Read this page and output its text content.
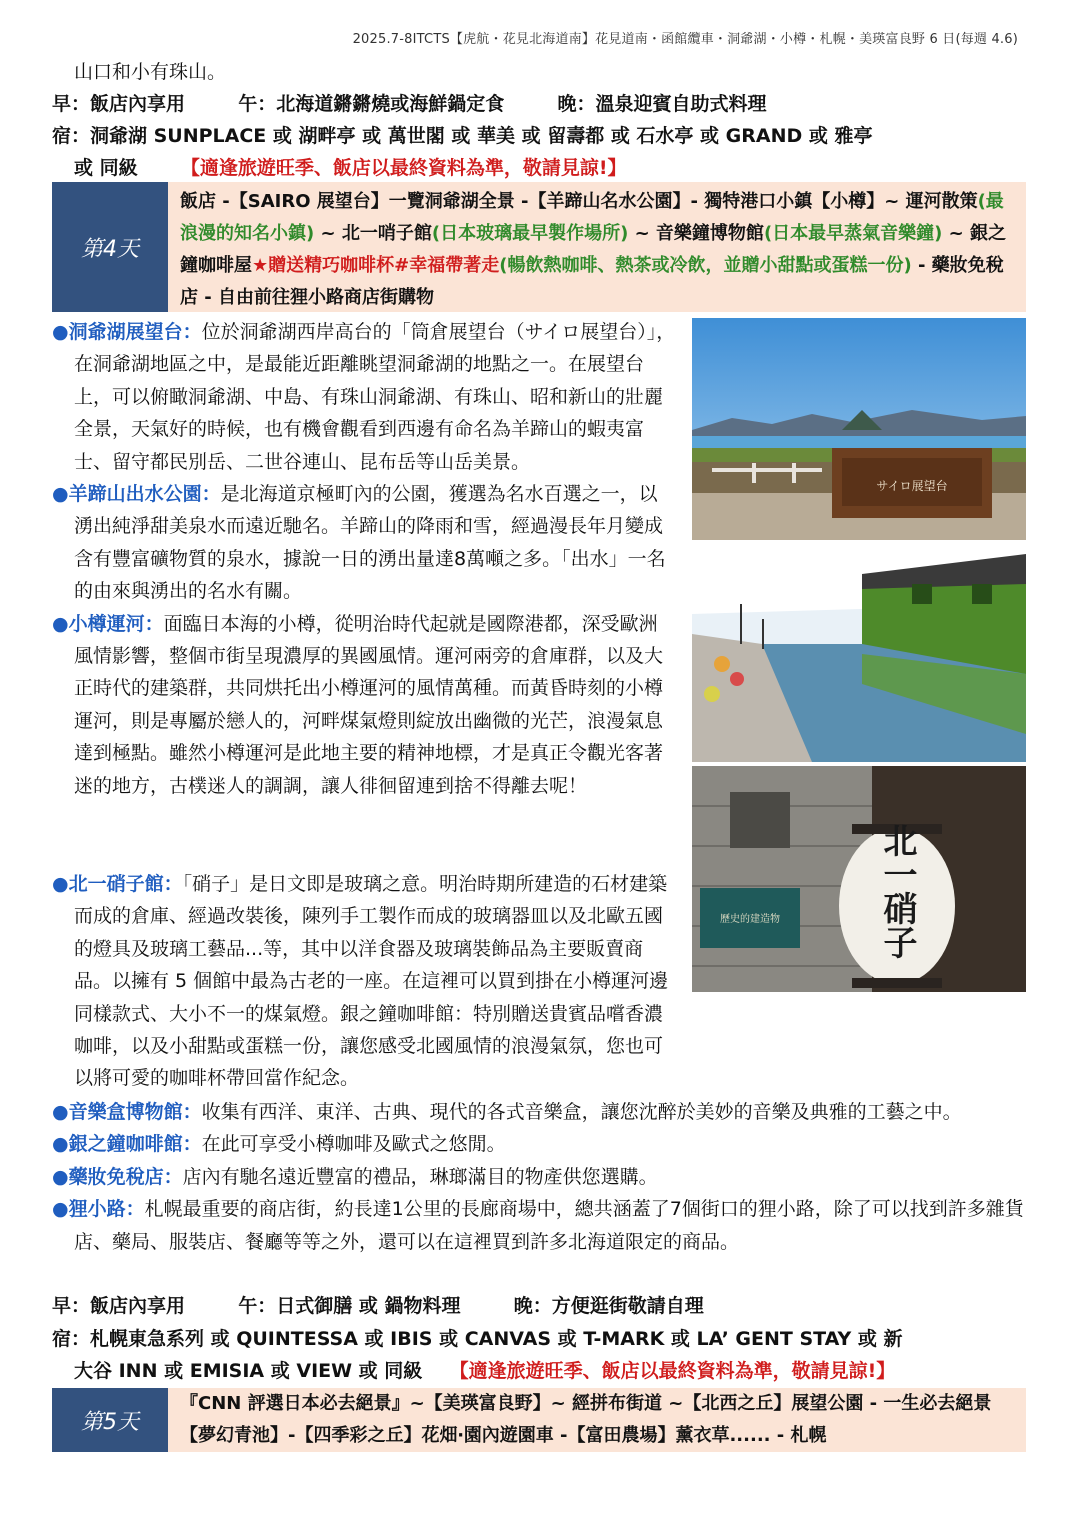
2025.7-8ITCTS【虎航・花見北海道南】花見道南・函館纜車・洞爺湖・小樽・札幌・美瑛富良野 6 日(每週 4.6)
山口和小有珠山。
早：飯店內享用	午：北海道鏘鏘燒或海鮮鍋定食	晚：溫泉迎賓自助式料理
宿：洞爺湖 SUNPLACE 或 湖畔亭 或 萬世閣 或 華美 或 留壽都 或 石水亭 或 GRAND 或 雅亭
或 同級 【適逢旅遊旺季、飯店以最終資料為準，敬請見諒!】
第4天
飯店 -【SAIRO 展望台】一覽洞爺湖全景 -【羊蹄山名水公園】- 獨特港口小鎮【小樽】~ 運河散策(最浪漫的知名小鎮) ~ 北一哨子館(日本玻璃最早製作場所) ~ 音樂鐘博物館(日本最早蒸氣音樂鐘) ~ 銀之鐘咖啡屋★贈送精巧咖啡杯#幸福帶著走(暢飲熱咖啡、熱茶或冷飲，並贈小甜點或蛋糕一份) - 藥妝免稅店 - 自由前往狸小路商店街購物

●洞爺湖展望台：位於洞爺湖西岸高台的「筒倉展望台（サイロ展望台）」，在洞爺湖地區之中，是最能近距離眺望洞爺湖的地點之一。在展望台上，可以俯瞰洞爺湖、中島、有珠山洞爺湖、有珠山、昭和新山的壯麗全景，天氣好的時候，也有機會觀看到西邊有命名為羊蹄山的蝦夷富士、留守都民別岳、二世谷連山、昆布岳等山岳美景。

●羊蹄山出水公園：是北海道京極町內的公園，獲選為名水百選之一，以湧出純淨甜美泉水而遠近馳名。羊蹄山的降雨和雪，經過漫長年月變成含有豐富礦物質的泉水，據說一日的湧出量達8萬噸之多。「出水」一名的由來與湧出的名水有關。

●小樽運河：面臨日本海的小樽，從明治時代起就是國際港都，深受歐洲風情影響，整個市街呈現濃厚的異國風情。運河兩旁的倉庫群，以及大正時代的建築群，共同烘托出小樽運河的風情萬種。而黃昏時刻的小樽運河，則是專屬於戀人的，河畔煤氣燈則綻放出幽微的光芒，浪漫氣息達到極點。雖然小樽運河是此地主要的精神地標，才是真正令觀光客著迷的地方，古樸迷人的調調，讓人徘徊留連到捨不得離去呢！

●北一硝子館：「硝子」是日文即是玻璃之意。明治時期所建造的石材建築而成的倉庫、經過改裝後，陳列手工製作而成的玻璃器皿以及北歐五國的燈具及玻璃工藝品...等，其中以洋食器及玻璃裝飾品為主要販賣商品。以擁有 5 個館中最為古老的一座。在這裡可以買到掛在小樽運河邊同樣款式、大小不一的煤氣燈。銀之鐘咖啡館：特別贈送貴賓品嚐香濃咖啡，以及小甜點或蛋糕一份，讓您感受北國風情的浪漫氣氛，您也可以將可愛的咖啡杯帶回當作紀念。

●音樂盒博物館：收集有西洋、東洋、古典、現代的各式音樂盒，讓您沈醉於美妙的音樂及典雅的工藝之中。

●銀之鐘咖啡館：在此可享受小樽咖啡及歐式之悠閒。

●藥妝免稅店：店內有馳名遠近豐富的禮品，琳瑯滿目的物產供您選購。

●狸小路：札幌最重要的商店街，約長達1公里的長廊商場中，總共涵蓋了7個街口的狸小路，除了可以找到許多雜貨店、藥局、服裝店、餐廳等等之外，還可以在這裡買到許多北海道限定的商品。

サイロ展望台
歷史的建造物	北一硝子
早：飯店內享用	午：日式御膳 或 鍋物料理	晚：方便逛街敬請自理
宿：札幌東急系列 或 QUINTESSA 或 IBIS 或 CANVAS 或 T-MARK 或 LA’ GENT STAY 或 新
大谷 INN 或 EMISIA 或 VIEW 或 同級 【適逢旅遊旺季、飯店以最終資料為準，敬請見諒!】
第5天
『CNN 評選日本必去絕景』~【美瑛富良野】~ 經拼布街道 ~【北西之丘】展望公園 - 一生必去絕景【夢幻青池】-【四季彩之丘】花畑‧園內遊園車 -【富田農場】薰衣草...... - 札幌
